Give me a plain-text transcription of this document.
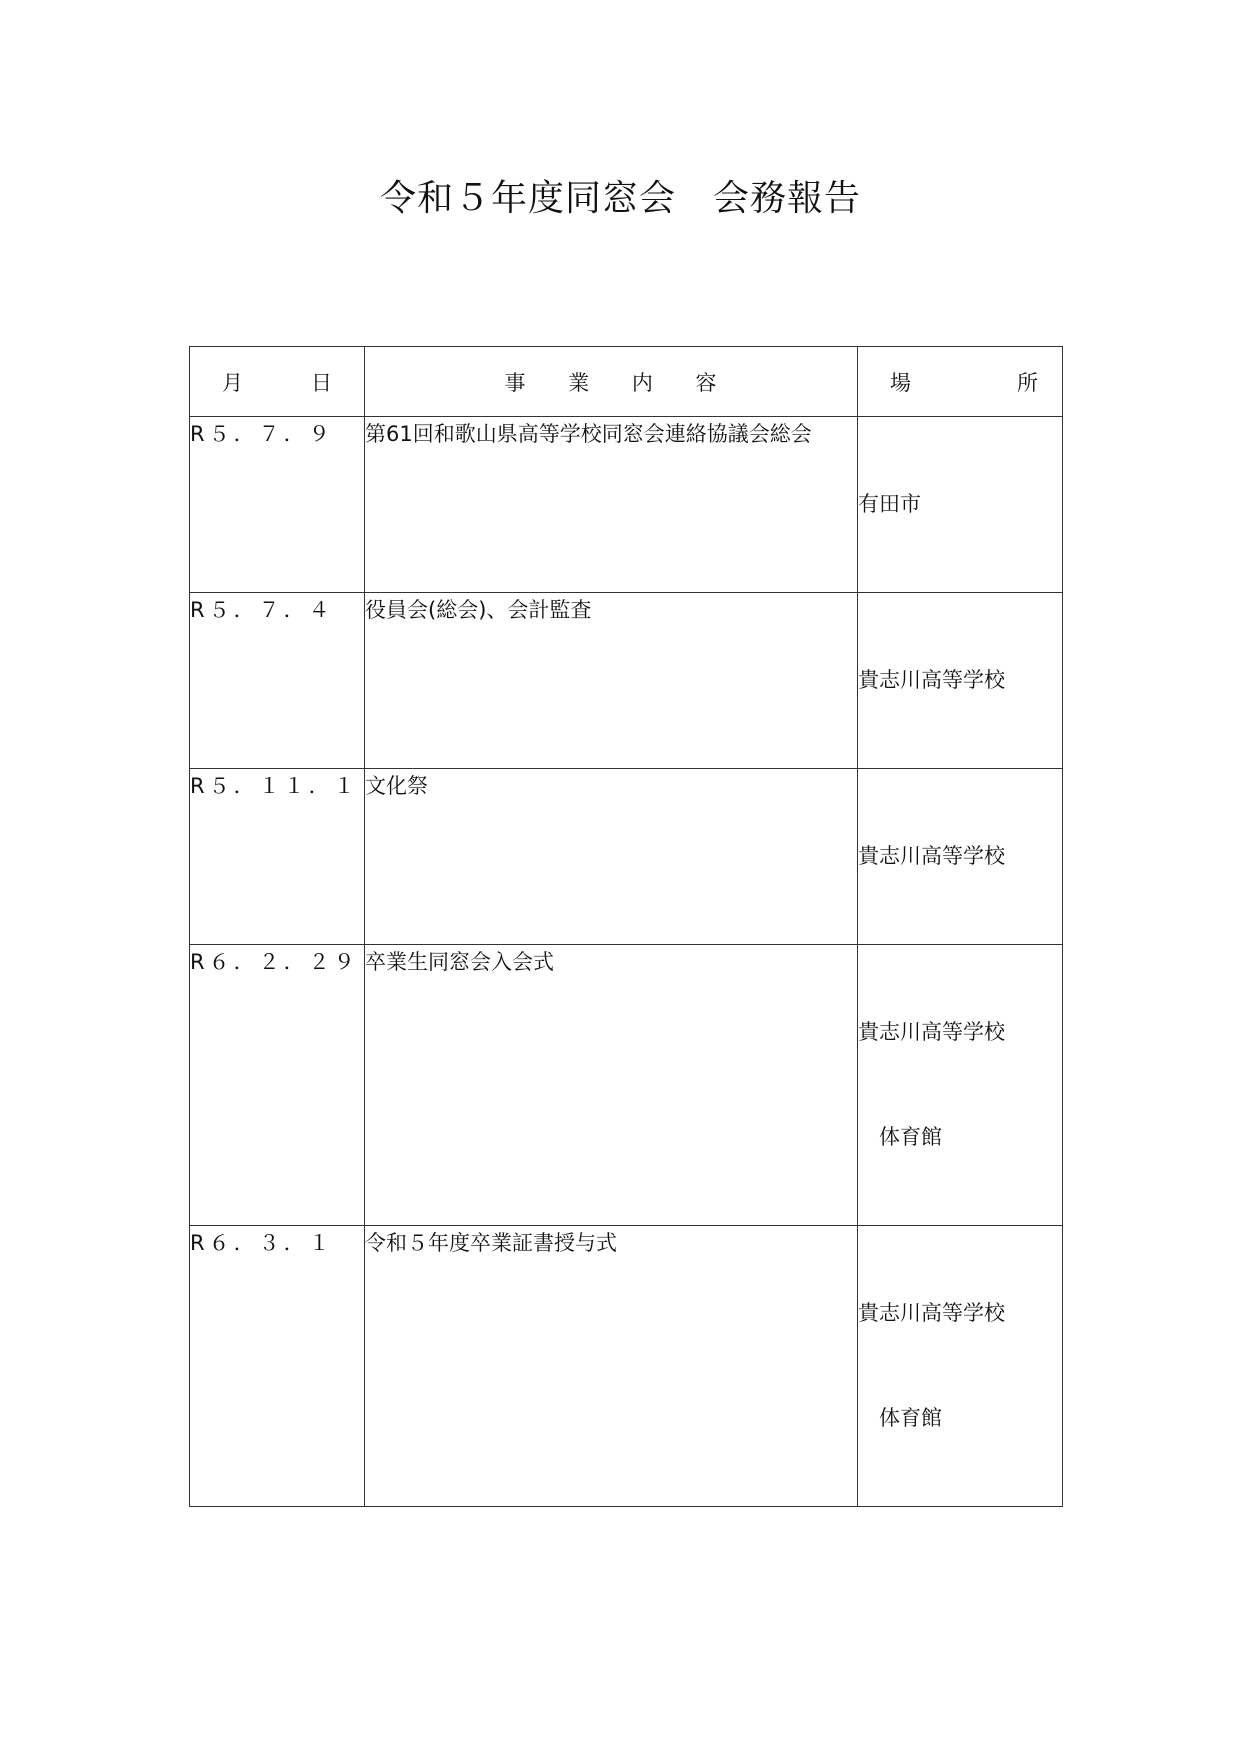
令和５年度同窓会　会務報告
月 日	事 業 内 容	場 所

R５．７．９	第61回和歌山県高等学校同窓会連絡協議会総会	有田市

R５．７．４	役員会(総会)、会計監査	貴志川高等学校

R５．１１．１	文化祭	貴志川高等学校

R６．２．２９	卒業生同窓会入会式	貴志川高等学校

　体育館

R６．３．１	令和５年度卒業証書授与式	貴志川高等学校

　体育館
